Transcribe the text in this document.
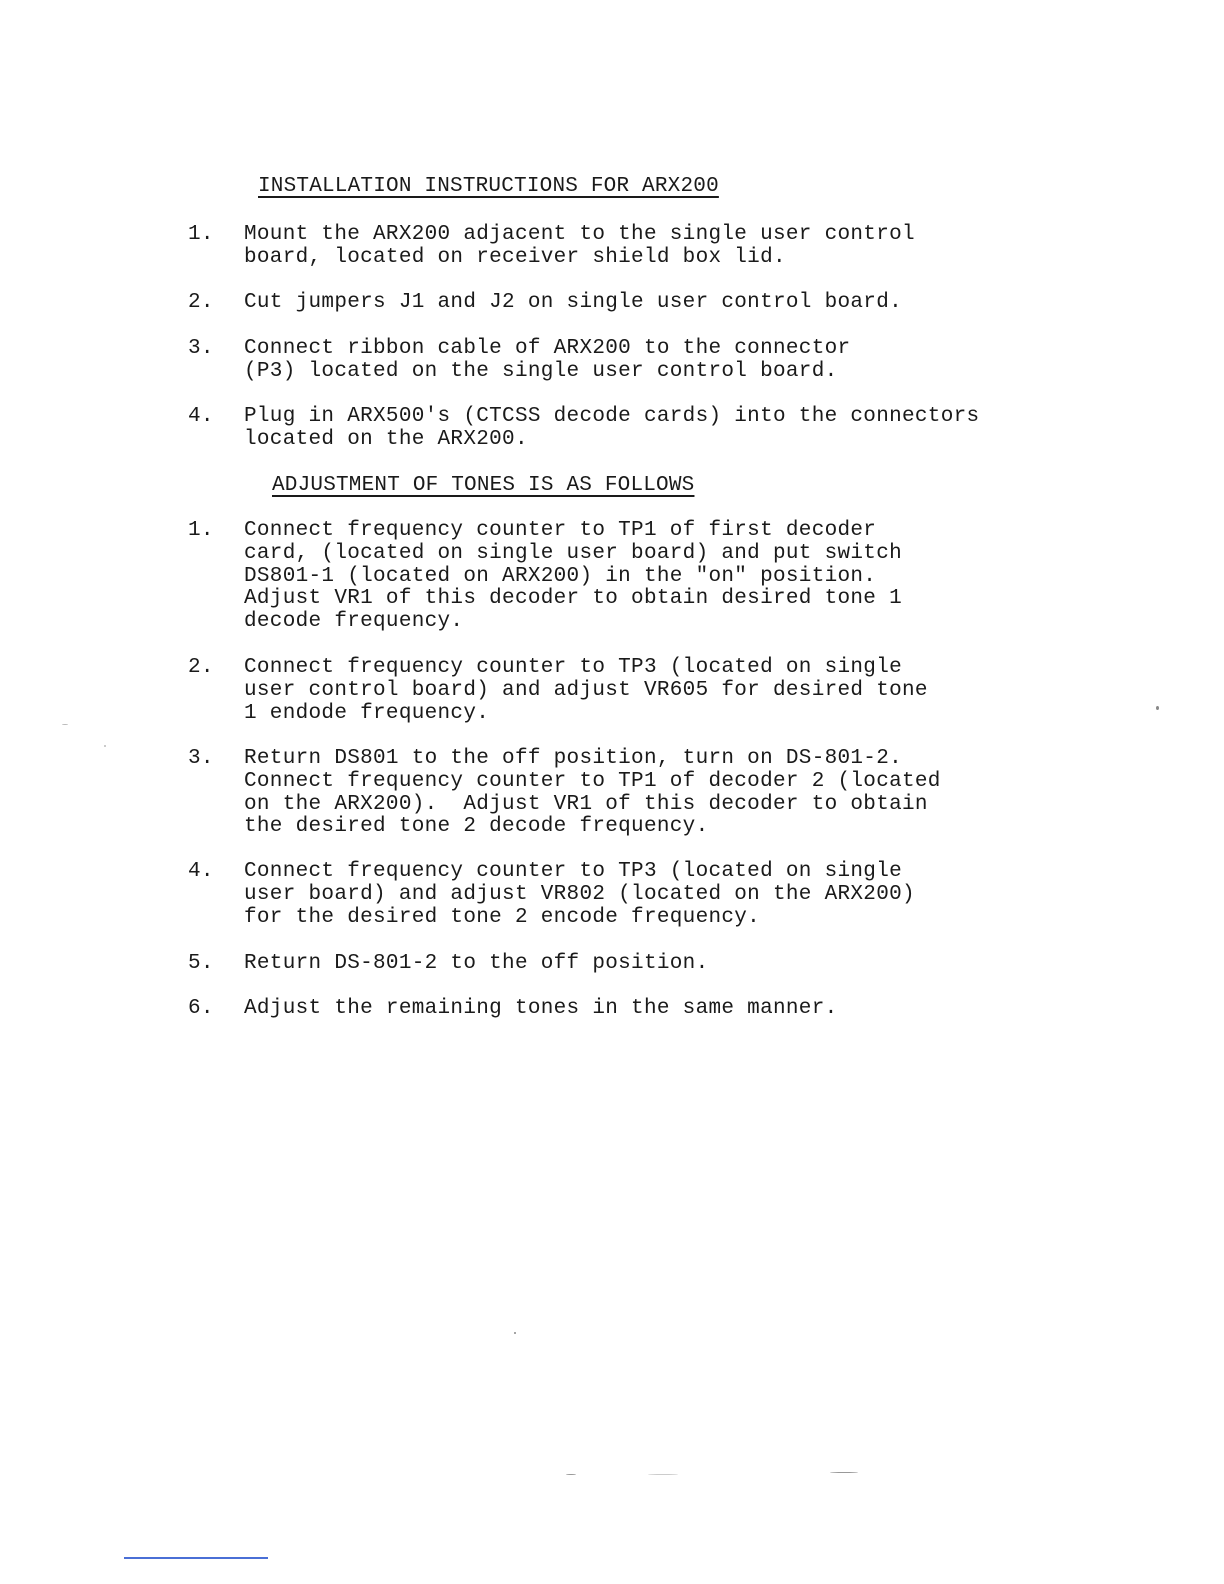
INSTALLATION INSTRUCTIONS FOR ARX200
1. Mount the ARX200 adjacent to the single user control
board, located on receiver shield box lid.
2. Cut jumpers J1 and J2 on single user control board.
3. Connect ribbon cable of ARX200 to the connector
(P3) located on the single user control board.
4. Plug in ARX500's (CTCSS decode cards) into the connectors
located on the ARX200.
ADJUSTMENT OF TONES IS AS FOLLOWS
1. Connect frequency counter to TP1 of first decoder
card, (located on single user board) and put switch
DS801-1 (located on ARX200) in the "on" position.
Adjust VR1 of this decoder to obtain desired tone 1
decode frequency.
2. Connect frequency counter to TP3 (located on single
user control board) and adjust VR605 for desired tone
1 endode frequency.
3. Return DS801 to the off position, turn on DS-801-2.
Connect frequency counter to TP1 of decoder 2 (located
on the ARX200).  Adjust VR1 of this decoder to obtain
the desired tone 2 decode frequency.
4. Connect frequency counter to TP3 (located on single
user board) and adjust VR802 (located on the ARX200)
for the desired tone 2 encode frequency.
5. Return DS-801-2 to the off position.
6. Adjust the remaining tones in the same manner.
